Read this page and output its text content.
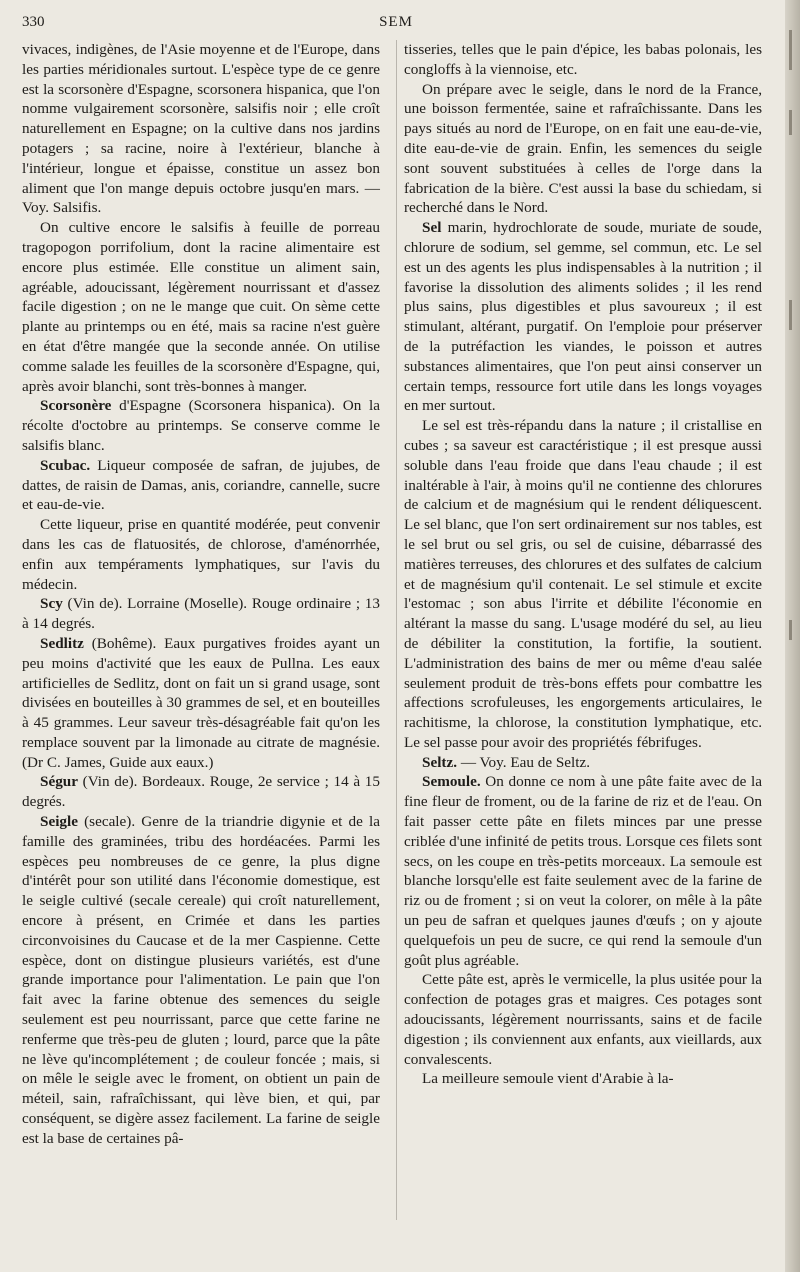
330	SEM

vivaces, indigènes, de l'Asie moyenne et de l'Europe, dans les parties méridionales surtout. L'espèce type de ce genre est la scorsonère d'Espagne, scorsonera hispanica, que l'on nomme vulgairement scorsonère, salsifis noir ; elle croît naturellement en Espagne; on la cultive dans nos jardins potagers ; sa racine, noire à l'extérieur, blanche à l'intérieur, longue et épaisse, constitue un assez bon aliment que l'on mange depuis octobre jusqu'en mars. — Voy. Salsifis.

On cultive encore le salsifis à feuille de porreau tragopogon porrifolium, dont la racine alimentaire est encore plus estimée. Elle constitue un aliment sain, agréable, adoucissant, légèrement nourrissant et d'assez facile digestion ; on ne le mange que cuit. On sème cette plante au printemps ou en été, mais sa racine n'est guère en état d'être mangée que la seconde année. On utilise comme salade les feuilles de la scorsonère d'Espagne, qui, après avoir blanchi, sont très-bonnes à manger.

Scorsonère d'Espagne (Scorsonera hispanica). On la récolte d'octobre au printemps. Se conserve comme le salsifis blanc.

Scubac. Liqueur composée de safran, de jujubes, de dattes, de raisin de Damas, anis, coriandre, cannelle, sucre et eau-de-vie.

Cette liqueur, prise en quantité modérée, peut convenir dans les cas de flatuosités, de chlorose, d'aménorrhée, enfin aux tempéraments lymphatiques, sur l'avis du médecin.

Scy (Vin de). Lorraine (Moselle). Rouge ordinaire ; 13 à 14 degrés.

Sedlitz (Bohême). Eaux purgatives froides ayant un peu moins d'activité que les eaux de Pullna. Les eaux artificielles de Sedlitz, dont on fait un si grand usage, sont divisées en bouteilles à 30 grammes de sel, et en bouteilles à 45 grammes. Leur saveur très-désagréable fait qu'on les remplace souvent par la limonade au citrate de magnésie. (Dr C. James, Guide aux eaux.)

Ségur (Vin de). Bordeaux. Rouge, 2e service ; 14 à 15 degrés.

Seigle (secale). Genre de la triandrie digynie et de la famille des graminées, tribu des hordéacées. Parmi les espèces peu nombreuses de ce genre, la plus digne d'intérêt pour son utilité dans l'économie domestique, est le seigle cultivé (secale cereale) qui croît naturellement, encore à présent, en Crimée et dans les parties circonvoisines du Caucase et de la mer Caspienne. Cette espèce, dont on distingue plusieurs variétés, est d'une grande importance pour l'alimentation. Le pain que l'on fait avec la farine obtenue des semences du seigle seulement est peu nourrissant, parce que cette farine ne renferme que très-peu de gluten ; lourd, parce que la pâte ne lève qu'incomplétement ; de couleur foncée ; mais, si on mêle le seigle avec le froment, on obtient un pain de méteil, sain, rafraîchissant, qui lève bien, et qui, par conséquent, se digère assez facilement. La farine de seigle est la base de certaines pâ-

tisseries, telles que le pain d'épice, les babas polonais, les congloffs à la viennoise, etc.

On prépare avec le seigle, dans le nord de la France, une boisson fermentée, saine et rafraîchissante. Dans les pays situés au nord de l'Europe, on en fait une eau-de-vie, dite eau-de-vie de grain. Enfin, les semences du seigle sont souvent substituées à celles de l'orge dans la fabrication de la bière. C'est aussi la base du schiedam, si recherché dans le Nord.

Sel marin, hydrochlorate de soude, muriate de soude, chlorure de sodium, sel gemme, sel commun, etc. Le sel est un des agents les plus indispensables à la nutrition ; il favorise la dissolution des aliments solides ; il les rend plus sains, plus digestibles et plus savoureux ; il est stimulant, altérant, purgatif. On l'emploie pour préserver de la putréfaction les viandes, le poisson et autres substances alimentaires, que l'on peut ainsi conserver un certain temps, ressource fort utile dans les longs voyages en mer surtout.

Le sel est très-répandu dans la nature ; il cristallise en cubes ; sa saveur est caractéristique ; il est presque aussi soluble dans l'eau froide que dans l'eau chaude ; il est inaltérable à l'air, à moins qu'il ne contienne des chlorures de calcium et de magnésium qui le rendent déliquescent. Le sel blanc, que l'on sert ordinairement sur nos tables, est le sel brut ou sel gris, ou sel de cuisine, débarrassé des matières terreuses, des chlorures et des sulfates de calcium et de magnésium qu'il contenait. Le sel stimule et excite l'estomac ; son abus l'irrite et débilite l'économie en altérant la masse du sang. L'usage modéré du sel, au lieu de débiliter la constitution, la fortifie, la soutient. L'administration des bains de mer ou même d'eau salée seulement produit de très-bons effets pour combattre les affections scrofuleuses, les engorgements articulaires, le rachitisme, la chlorose, la constitution lymphatique, etc. Le sel passe pour avoir des propriétés fébrifuges.

Seltz. — Voy. Eau de Seltz.

Semoule. On donne ce nom à une pâte faite avec de la fine fleur de froment, ou de la farine de riz et de l'eau. On fait passer cette pâte en filets minces par une presse criblée d'une infinité de petits trous. Lorsque ces filets sont secs, on les coupe en très-petits morceaux. La semoule est blanche lorsqu'elle est faite seulement avec de la farine de riz ou de froment ; si on veut la colorer, on mêle à la pâte un peu de safran et quelques jaunes d'œufs ; on y ajoute quelquefois un peu de sucre, ce qui rend la semoule d'un goût plus agréable.

Cette pâte est, après le vermicelle, la plus usitée pour la confection de potages gras et maigres. Ces potages sont adoucissants, légèrement nourrissants, sains et de facile digestion ; ils conviennent aux enfants, aux vieillards, aux convalescents.

La meilleure semoule vient d'Arabie à la-
